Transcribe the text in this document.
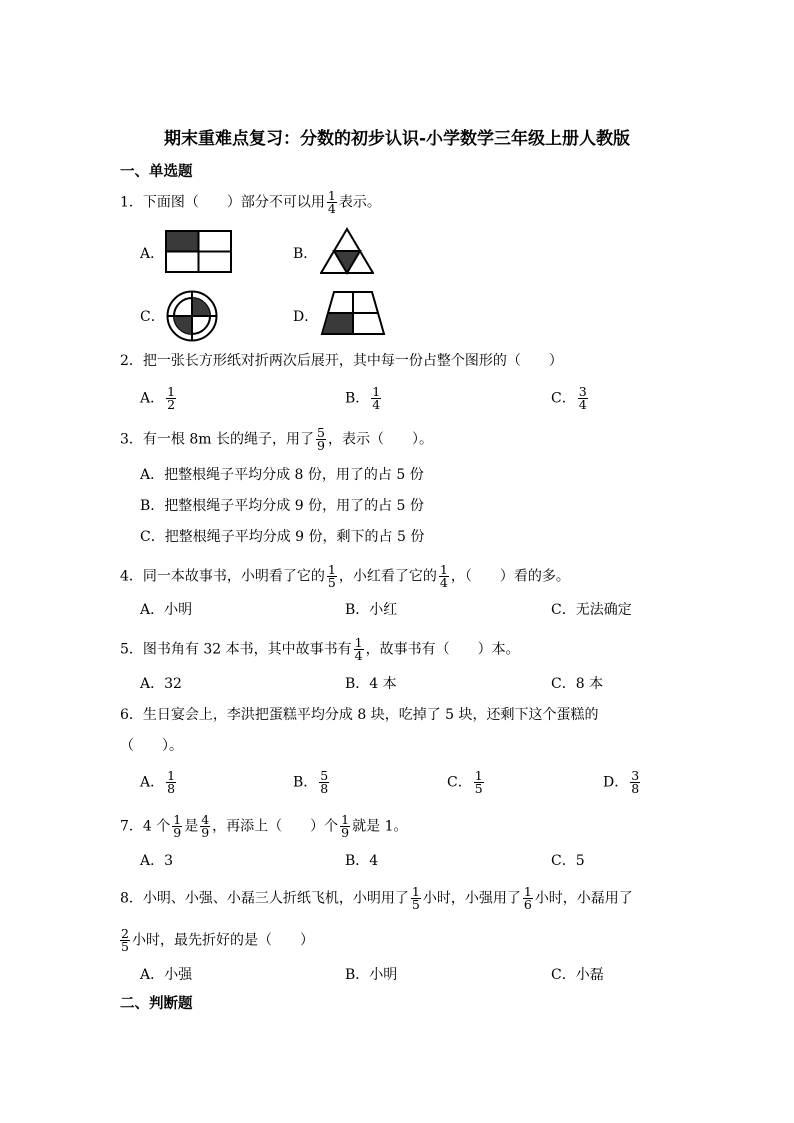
期末重难点复习：分数的初步认识-小学数学三年级上册人教版
一、单选题
1．下面图（　　）部分不可以用 $\frac{1}{4}$ 表示。
A．	B．
C．	D．
2．把一张长方形纸对折两次后展开，其中每一份占整个图形的（　　）
A． $\frac{1}{2}$	B． $\frac{1}{4}$	C． $\frac{3}{4}$
3．有一根 8m 长的绳子，用了 $\frac{5}{9}$ ，表示（　　）。
A．把整根绳子平均分成 8 份，用了的占 5 份
B．把整根绳子平均分成 9 份，用了的占 5 份
C．把整根绳子平均分成 9 份，剩下的占 5 份
4．同一本故事书，小明看了它的 $\frac{1}{5}$ ，小红看了它的 $\frac{1}{4}$ ，（　　）看的多。
A．小明	B．小红	C．无法确定
5．图书角有 32 本书，其中故事书有 $\frac{1}{4}$ ，故事书有（　　）本。
A．32	B．4 本	C．8 本
6．生日宴会上，李洪把蛋糕平均分成 8 块，吃掉了 5 块，还剩下这个蛋糕的
（　　）。
A． $\frac{1}{8}$	B． $\frac{5}{8}$	C． $\frac{1}{5}$	D． $\frac{3}{8}$
7．4 个 $\frac{1}{9}$ 是 $\frac{4}{9}$ ，再添上（　　）个 $\frac{1}{9}$ 就是 1。
A．3	B．4	C．5
8．小明、小强、小磊三人折纸飞机，小明用了 $\frac{1}{5}$ 小时，小强用了 $\frac{1}{6}$ 小时，小磊用了
$\frac{2}{5}$ 小时，最先折好的是（　　）
A．小强	B．小明	C．小磊
二、判断题
